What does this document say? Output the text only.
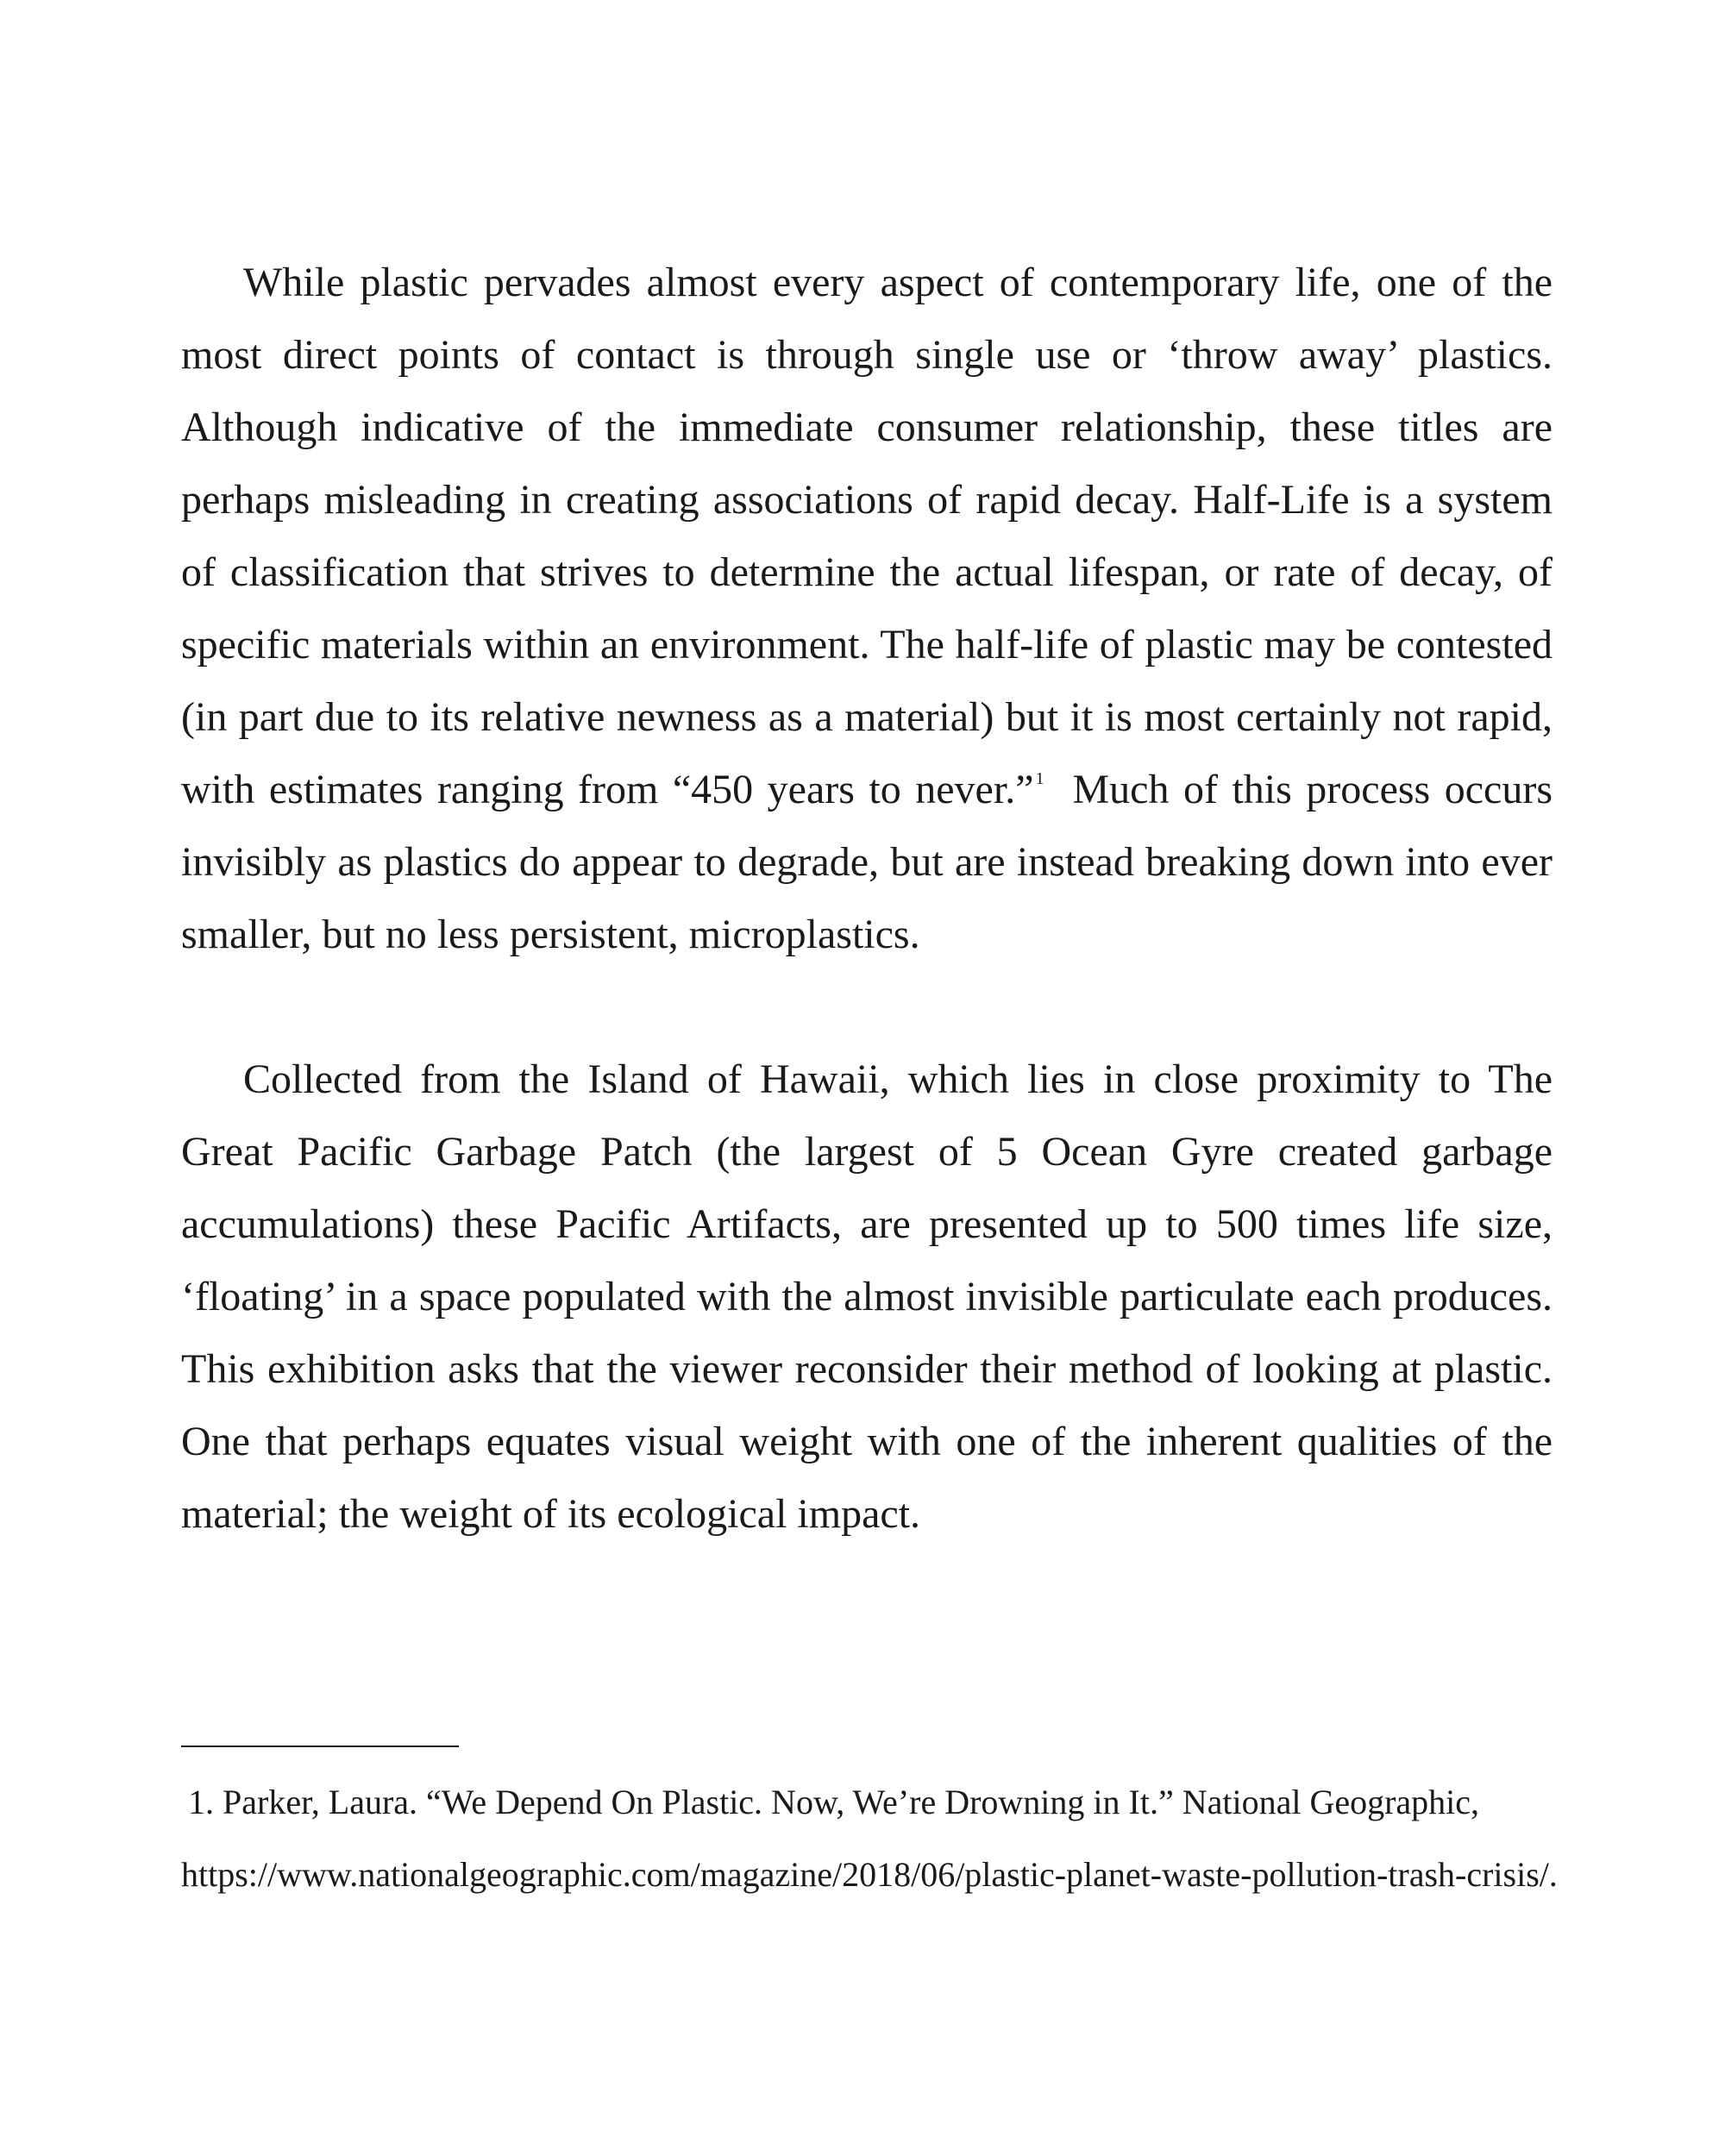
While plastic pervades almost every aspect of contemporary life, one of the most direct points of contact is through single use or ‘throw away’ plastics. Although indicative of the immediate consumer relationship, these titles are perhaps misleading in creating associations of rapid decay. Half-Life is a system of classification that strives to determine the actual lifespan, or rate of decay, of specific materials within an environment. The half-life of plastic may be contested (in part due to its relative newness as a material) but it is most certainly not rapid, with estimates ranging from “450 years to never.” $^1$  Much of this process occurs invisibly as plastics do appear to degrade, but are instead breaking down into ever smaller, but no less persistent, microplastics.

Collected from the Island of Hawaii, which lies in close proximity to The Great Pacific Garbage Patch (the largest of 5 Ocean Gyre created garbage accumulations) these Pacific Artifacts, are presented up to 500 times life size, ‘floating’ in a space populated with the almost invisible particulate each produces. This exhibition asks that the viewer reconsider their method of looking at plastic. One that perhaps equates visual weight with one of the inherent qualities of the material; the weight of its ecological impact.

1. Parker, Laura. “We Depend On Plastic. Now, We’re Drowning in It.” National Geographic,

https://www.nationalgeographic.com/magazine/2018/06/plastic-planet-waste-pollution-trash-crisis/.
